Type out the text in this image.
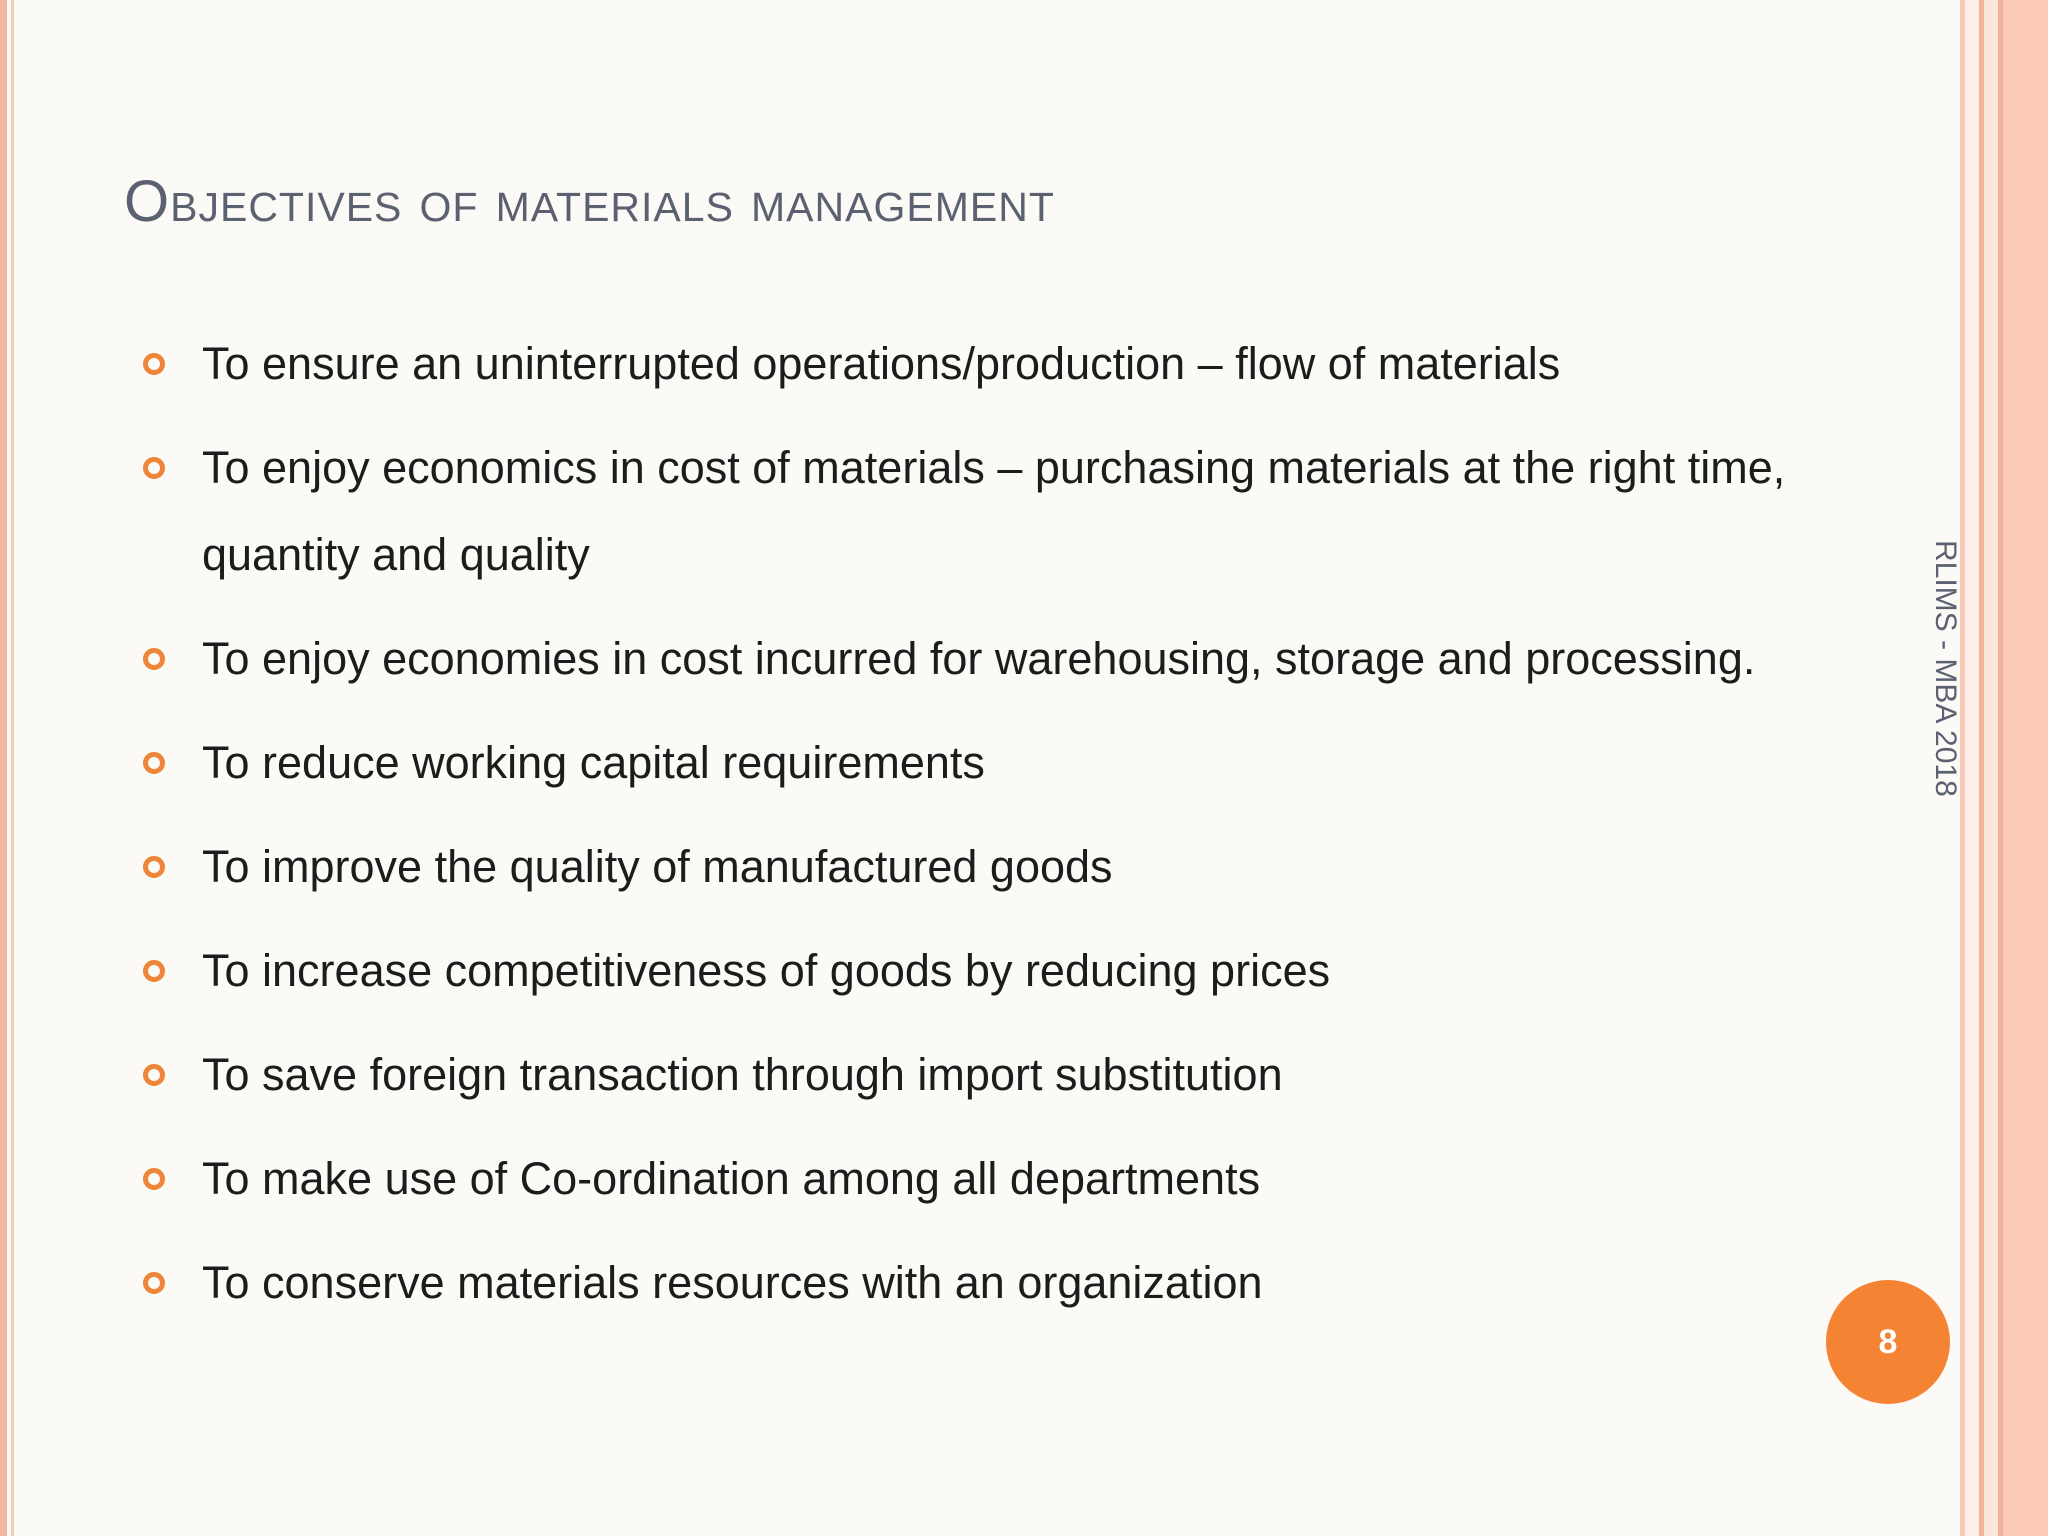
Objectives of materials management
To ensure an uninterrupted operations/production – flow of materials
To enjoy economics in cost of materials – purchasing materials at the right time, quantity and quality
To enjoy economies in cost incurred for warehousing, storage and processing.
To reduce working capital requirements
To improve the quality of manufactured goods
To increase competitiveness of goods by reducing prices
To save foreign transaction through import substitution
To make use of Co-ordination among all departments
To conserve materials resources with an organization
RLIMS - MBA 2018
8
